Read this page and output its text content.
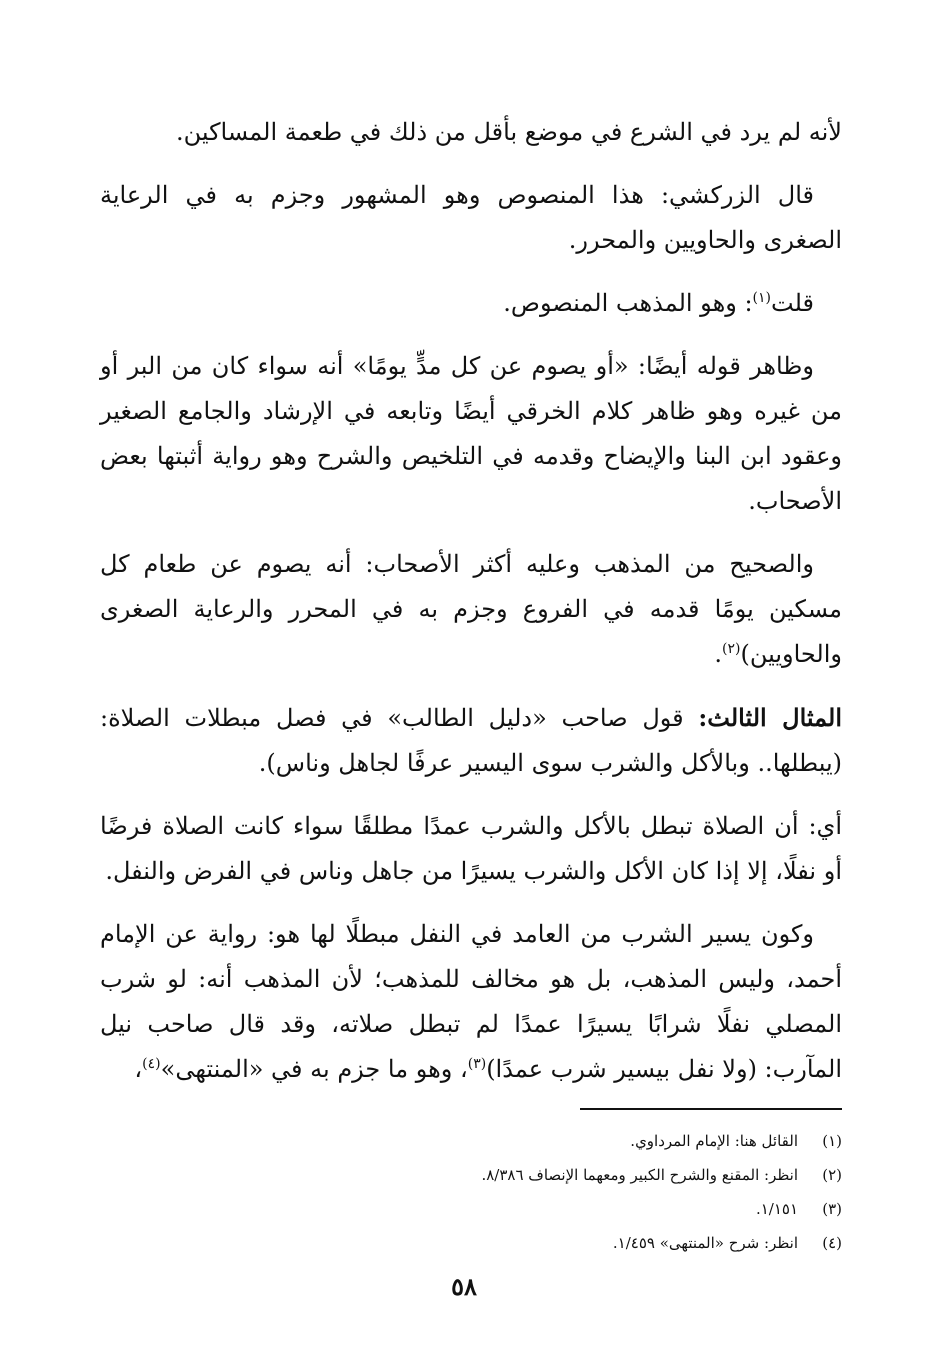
لأنه لم يرد في الشرع في موضع بأقل من ذلك في طعمة المساكين.

قال الزركشي: هذا المنصوص وهو المشهور وجزم به في الرعاية الصغرى والحاويين والمحرر.

قلت$^{(١)}$: وهو المذهب المنصوص.

وظاهر قوله أيضًا: «أو يصوم عن كل مدٍّ يومًا» أنه سواء كان من البر أو من غيره وهو ظاهر كلام الخرقي أيضًا وتابعه في الإرشاد والجامع الصغير وعقود ابن البنا والإيضاح وقدمه في التلخيص والشرح وهو رواية أثبتها بعض الأصحاب.

والصحيح من المذهب وعليه أكثر الأصحاب: أنه يصوم عن طعام كل مسكين يومًا قدمه في الفروع وجزم به في المحرر والرعاية الصغرى والحاويين)$^{(٢)}$.

المثال الثالث: قول صاحب «دليل الطالب» في فصل مبطلات الصلاة: (يبطلها.. وبالأكل والشرب سوى اليسير عرفًا لجاهل وناس).

أي: أن الصلاة تبطل بالأكل والشرب عمدًا مطلقًا سواء كانت الصلاة فرضًا أو نفلًا، إلا إذا كان الأكل والشرب يسيرًا من جاهل وناس في الفرض والنفل.

وكون يسير الشرب من العامد في النفل مبطلًا لها هو: رواية عن الإمام أحمد، وليس المذهب، بل هو مخالف للمذهب؛ لأن المذهب أنه: لو شرب المصلي نفلًا شرابًا يسيرًا عمدًا لم تبطل صلاته، وقد قال صاحب نيل المآرب: (ولا نفل بيسير شرب عمدًا)$^{(٣)}$، وهو ما جزم به في «المنتهى»$^{(٤)}$،

(١)
القائل هنا: الإمام المرداوي.
(٢)
انظر: المقنع والشرح الكبير ومعهما الإنصاف ٨/٣٨٦.
(٣)
١/١٥١.
(٤)
انظر: شرح «المنتهى» ١/٤٥٩.
٥٨
